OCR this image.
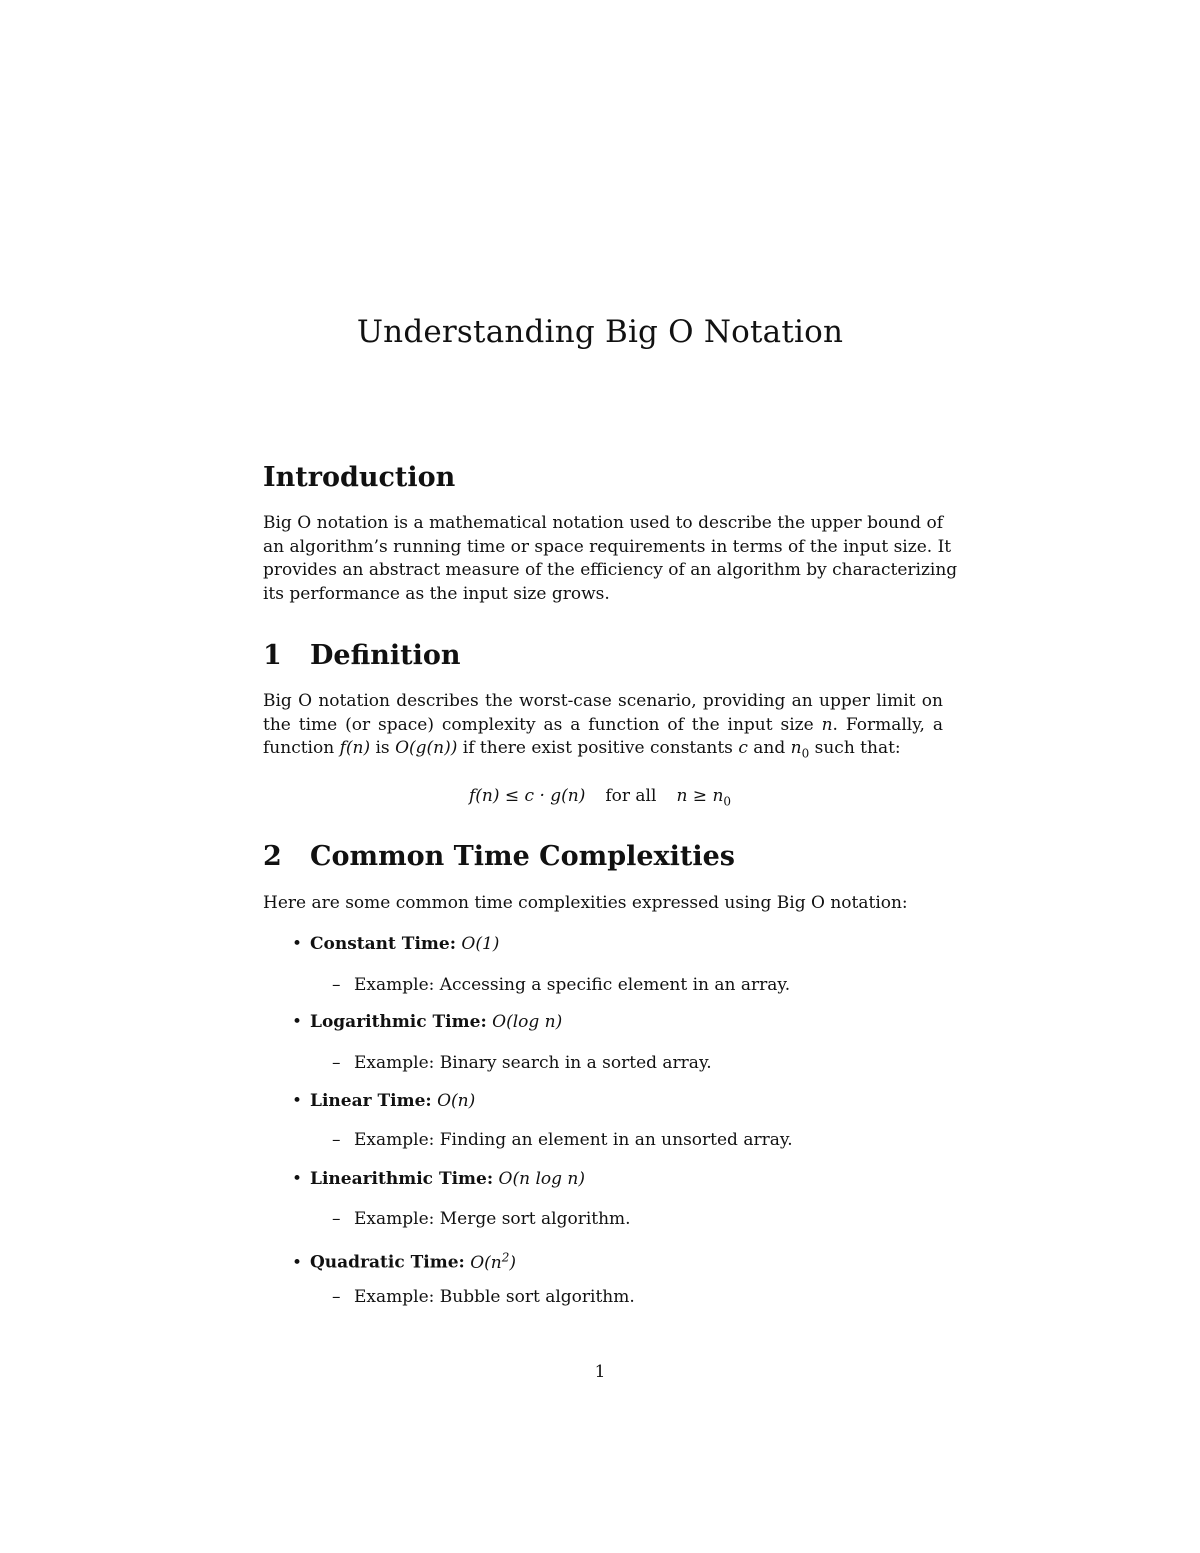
Understanding Big O Notation
Introduction
Big O notation is a mathematical notation used to describe the upper bound of
an algorithm’s running time or space requirements in terms of the input size. It
provides an abstract measure of the efficiency of an algorithm by characterizing
its performance as the input size grows.
1 Definition
Big O notation describes the worst-case scenario, providing an upper limit on
the time (or space) complexity as a function of the input size n. Formally, a
function f(n) is O(g(n)) if there exist positive constants c and $n_0$ such that:
f(n) ≤ c · g(n) for all $n \ge n_0$
2 Common Time Complexities
Here are some common time complexities expressed using Big O notation:
• Constant Time: O(1)
– Example: Accessing a specific element in an array.
• Logarithmic Time: O(log n)
– Example: Binary search in a sorted array.
• Linear Time: O(n)
– Example: Finding an element in an unsorted array.
• Linearithmic Time: O(n log n)
– Example: Merge sort algorithm.
• Quadratic Time: $O(n^2)$
– Example: Bubble sort algorithm.
1
